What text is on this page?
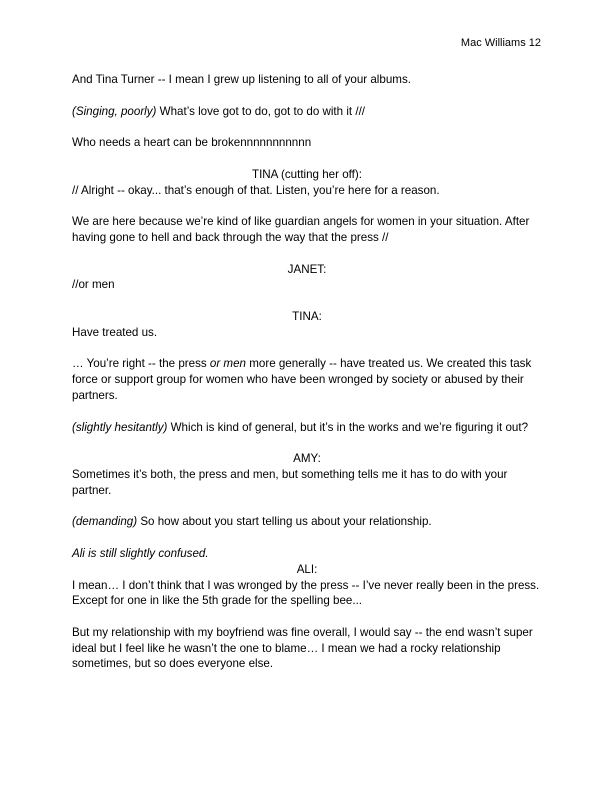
Mac Williams 12

And Tina Turner -- I mean I grew up listening to all of your albums.

(Singing, poorly) What’s love got to do, got to do with it ///

Who needs a heart can be brokennnnnnnnnnn

TINA (cutting her off):

// Alright -- okay... that’s enough of that. Listen, you’re here for a reason.

We are here because we’re kind of like guardian angels for women in your situation. After having gone to hell and back through the way that the press //

JANET:

//or men

TINA:

Have treated us.

… You’re right -- the press or men more generally -- have treated us. We created this task force or support group for women who have been wronged by society or abused by their partners.

(slightly hesitantly) Which is kind of general, but it’s in the works and we’re figuring it out?

AMY:

Sometimes it’s both, the press and men, but something tells me it has to do with your partner.

(demanding) So how about you start telling us about your relationship.

Ali is still slightly confused.

ALI:

I mean… I don’t think that I was wronged by the press -- I’ve never really been in the press. Except for one in like the 5th grade for the spelling bee...

But my relationship with my boyfriend was fine overall, I would say -- the end wasn’t super ideal but I feel like he wasn’t the one to blame… I mean we had a rocky relationship sometimes, but so does everyone else.
